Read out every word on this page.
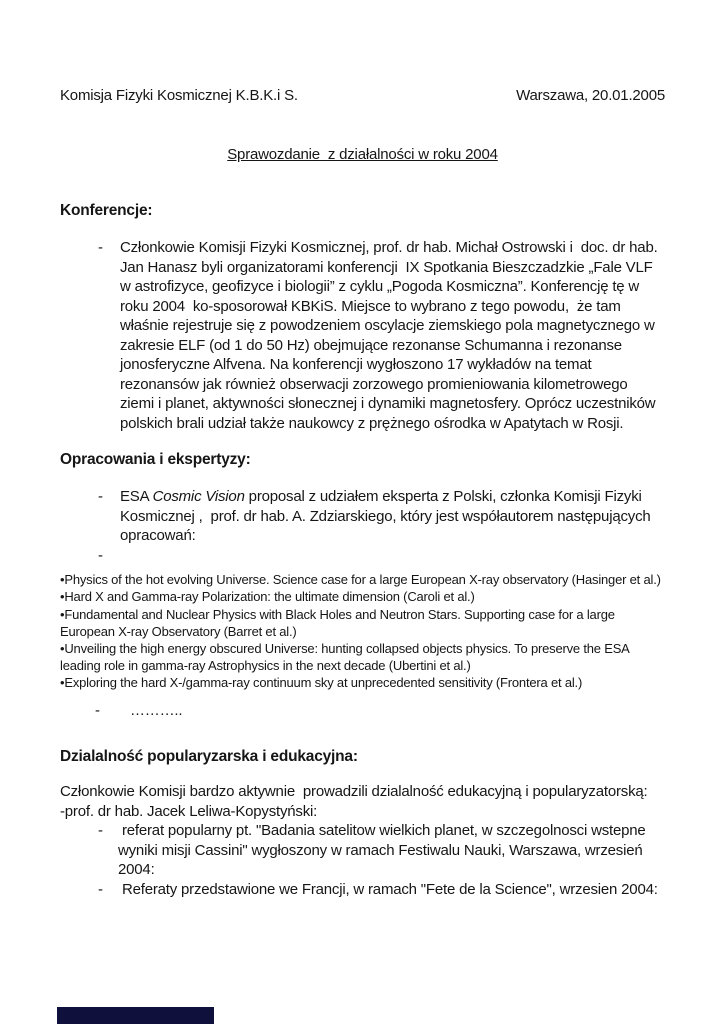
Komisja Fizyki Kosmicznej K.B.K.i S.	Warszawa, 20.01.2005
Sprawozdanie  z działalności w roku 2004
Konferencje:
-	Członkowie Komisji Fizyki Kosmicznej, prof. dr hab. Michał Ostrowski i  doc. dr hab. Jan Hanasz byli organizatorami konferencji  IX Spotkania Bieszczadzkie „Fale VLF w astrofizyce, geofizyce i biologii” z cyklu „Pogoda Kosmiczna”. Konferencję tę w roku 2004  ko-sposorował KBKiS. Miejsce to wybrano z tego powodu,  że tam właśnie rejestruje się z powodzeniem oscylacje ziemskiego pola magnetycznego w zakresie ELF (od 1 do 50 Hz) obejmujące rezonanse Schumanna i rezonanse jonosferyczne Alfvena. Na konferencji wygłoszono 17 wykładów na temat rezonansów jak również obserwacji zorzowego promieniowania kilometrowego ziemi i planet, aktywności słonecznej i dynamiki magnetosfery. Oprócz uczestników polskich brali udział także naukowcy z prężnego ośrodka w Apatytach w Rosji.
Opracowania i ekspertyzy:
-	ESA Cosmic Vision proposal z udziałem eksperta z Polski, członka Komisji Fizyki Kosmicznej ,  prof. dr hab. A. Zdziarskiego, który jest współautorem następujących opracowań:
-

•Physics of the hot evolving Universe. Science case for a large European X-ray observatory (Hasinger et al.)

•Hard X and Gamma-ray Polarization: the ultimate dimension (Caroli et al.)

•Fundamental and Nuclear Physics with Black Holes and Neutron Stars. Supporting case for a large European X-ray Observatory (Barret et al.)

•Unveiling the high energy obscured Universe: hunting collapsed objects physics. To preserve the ESA leading role in gamma-ray Astrophysics in the next decade (Ubertini et al.)

•Exploring the hard X-/gamma-ray continuum sky at unprecedented sensitivity (Frontera et al.)

-	………..
Dzialalność popularyzarska i edukacyjna:
Członkowie Komisji bardzo aktywnie  prowadzili dzialalność edukacyjną i popularyzatorską:
-prof. dr hab. Jacek Leliwa-Kopystyński:
-	referat popularny pt. "Badania satelitow wielkich planet, w szczegolnosci wstepne wyniki misji Cassini" wygłoszony w ramach Festiwalu Nauki, Warszawa, wrzesień 2004:
-	Referaty przedstawione we Francji, w ramach "Fete de la Science", wrzesien 2004:
